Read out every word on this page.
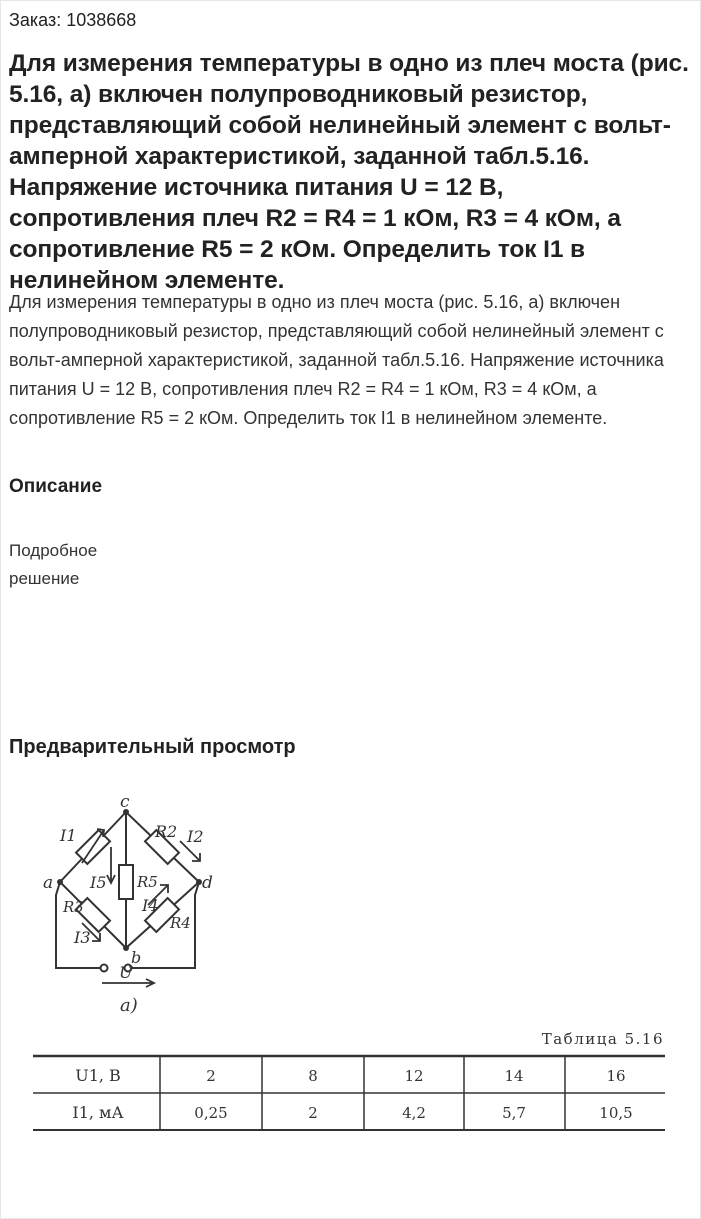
Заказ: 1038668
Для измерения температуры в одно из плеч моста (рис. 5.16, а) включен полупроводниковый резистор, представляющий собой нелинейный элемент с вольт-амперной характеристикой, заданной табл.5.16. Напряжение источника питания U = 12 В, сопротивления плеч R2 = R4 = 1 кОм, R3 = 4 кОм, а сопротивление R5 = 2 кОм. Определить ток I1 в нелинейном элементе.

Для измерения температуры в одно из плеч моста (рис. 5.16, а) включен полупроводниковый резистор, представляющий собой нелинейный элемент с вольт-амперной характеристикой, заданной табл.5.16. Напряжение источника питания U = 12 В, сопротивления плеч R2 = R4 = 1 кОм, R3 = 4 кОм, а сопротивление R5 = 2 кОм. Определить ток I1 в нелинейном элементе.

Описание
Подробное решение
Предварительный просмотр
c
a	d
b
I1	I2
I5
I4
I3
R2
R3
R4
R5
U
а)
Таблица 5.16
U1, В	2	8	12	14	16
I1, мА	0,25	2	4,2	5,7	10,5
